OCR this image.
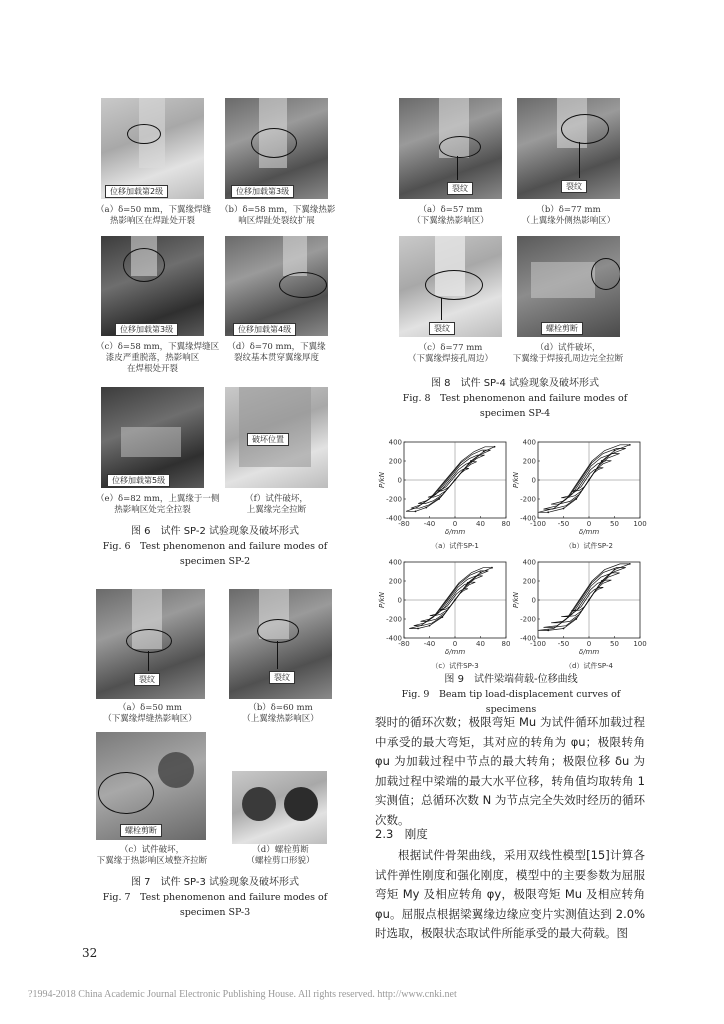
位移加载第2级	位移加载第3级
（a）δ=50 mm，下翼缘焊缝
热影响区在焊趾处开裂
（b）δ=58 mm，下翼缘热影
响区焊趾处裂纹扩展
位移加载第3级	位移加载第4级
（c）δ=58 mm，下翼缘焊缝区
漆皮严重脱落，热影响区
在焊根处开裂
（d）δ=70 mm，下翼缘
裂纹基本贯穿翼缘厚度
位移加载第5级
破坏位置
（e）δ=82 mm，上翼缘于一侧
热影响区处完全拉裂
（f）试件破坏，
上翼缘完全拉断
图 6　试件 SP-2 试验现象及破坏形式
Fig. 6　Test phenomenon and failure modes of
specimen SP-2
裂纹	裂纹
（a）δ=50 mm
（下翼缘焊缝热影响区）
（b）δ=60 mm
（上翼缘热影响区）
螺栓剪断
（c）试件破坏，
下翼缘于热影响区域整齐拉断
（d）螺栓剪断
（螺栓剪口形貌）
图 7　试件 SP-3 试验现象及破坏形式
Fig. 7　Test phenomenon and failure modes of
specimen SP-3
裂纹	裂纹
（a）δ=57 mm
（下翼缘热影响区）
（b）δ=77 mm
（上翼缘外侧热影响区）
裂纹	螺栓剪断
（c）δ=77 mm
（下翼缘焊接孔周边）
（d）试件破坏，
下翼缘于焊接孔周边完全拉断
图 8　试件 SP-4 试验现象及破坏形式
Fig. 8　Test phenomenon and failure modes of
specimen SP-4
-80 -40	0	40 80
400
200
0
-200
-400
δ/mm
P/kN
（a）试件SP-1
-100 -50	0	50 100
400
200
0
-200
-400
δ/mm
P/kN
（b）试件SP-2
-80 -40	0	40 80
400
200
0
-200
-400
δ/mm
P/kN
（c）试件SP-3
-100 -50	0	50 100
400
200
0
-200
-400
δ/mm
P/kN
（d）试件SP-4
图 9　试件梁端荷载-位移曲线
Fig. 9　Beam tip load-displacement curves of specimens
裂时的循环次数；极限弯矩 Mu 为试件循环加载过程中承受的最大弯矩，其对应的转角为 φu；极限转角 φu 为加载过程中节点的最大转角；极限位移 δu 为加载过程中梁端的最大水平位移，转角值均取转角 1 实测值；总循环次数 N 为节点完全失效时经历的循环次数。
2.3　刚度
根据试件骨架曲线，采用双线性模型[15]计算各试件弹性刚度和强化刚度，模型中的主要参数为屈服弯矩 My 及相应转角 φy，极限弯矩 Mu 及相应转角 φu。屈服点根据梁翼缘边缘应变片实测值达到 2.0% 时选取，极限状态取试件所能承受的最大荷载。图
32
?1994-2018 China Academic Journal Electronic Publishing House. All rights reserved. http://www.cnki.net
